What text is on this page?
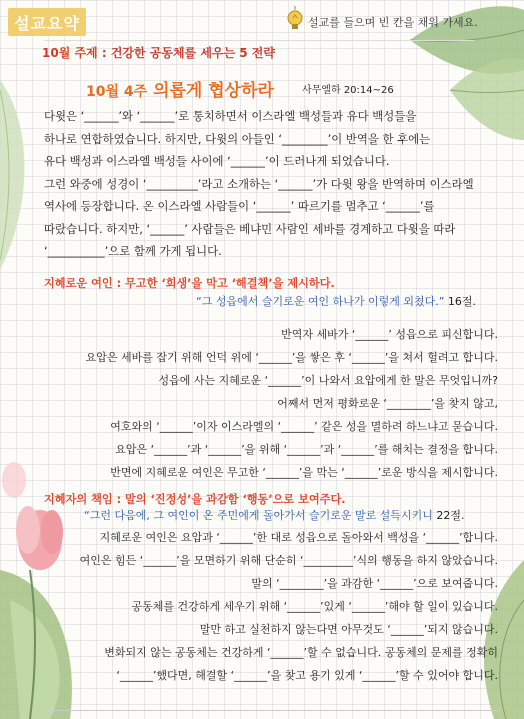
설교요약	설교를 들으며 빈 칸을 채워 가세요.
10월 주제 : 건강한 공동체를 세우는 5 전략
10월 4주 의롭게 협상하라	사무엘하 20:14~26

다윗은 ‘______’와 ‘______’로 통치하면서 이스라엘 백성들과 유다 백성들을

하나로 연합하였습니다. 하지만, 다윗의 아들인 ‘________’이 반역을 한 후에는

유다 백성과 이스라엘 백성들 사이에 ‘______’이 드러나게 되었습니다.

그런 와중에 성경이 ‘_________’라고 소개하는 ‘______’가 다윗 왕을 반역하며 이스라엘

역사에 등장합니다. 온 이스라엘 사람들이 ‘______’ 따르기를 멈추고 ‘______’를

따랐습니다. 하지만, ‘______’ 사람들은 베냐민 사람인 세바를 경계하고 다윗을 따라

‘__________’으로 함께 가게 됩니다.

지혜로운 여인 : 무고한 ‘희생’을 막고 ‘해결책’을 제시하다.
“그 성읍에서 슬기로운 여인 하나가 이렇게 외쳤다.” 16절.

반역자 세바가 ‘______’ 성읍으로 피신합니다.

요압은 세바를 잡기 위해 언덕 위에 ‘______’을 쌓은 후 ‘______’을 쳐서 헐려고 합니다.

성읍에 사는 지혜로운 ‘______’이 나와서 요압에게 한 말은 무엇입니까?

어째서 먼저 평화로운 ‘________’을 찾지 않고,

여호와의 ‘______’이자 이스라엘의 ‘______’ 같은 성을 멸하려 하느냐고 묻습니다.

요압은 ‘______’과 ‘______’을 위해 ‘______’과 ‘______’를 해치는 결정을 합니다.

반면에 지혜로운 여인은 무고한 ‘______’을 막는 ‘______’로운 방식을 제시합니다.

지혜자의 책임 : 말의 ‘진정성’을 과감함 ‘행동’으로 보여주다.
“그런 다음에, 그 여인이 온 주민에게 돌아가서 슬기로운 말로 설득시키니 22절.

지혜로운 여인은 요압과 ‘______’한 대로 성읍으로 돌아와서 백성을 ‘______’합니다.

여인은 힘든 ‘______’을 모면하기 위해 단순히 ‘_________’식의 행동을 하지 않았습니다.

말의 ‘________’을 과감한 ‘______’으로 보여줍니다.

공동체를 건강하게 세우기 위해 ‘______’있게 ‘______’해야 할 일이 있습니다.

말만 하고 실천하지 않는다면 아무것도 ‘______’되지 않습니다.

변화되지 않는 공동체는 건강하게 ‘______’할 수 없습니다. 공동체의 문제를 정확히

‘______’했다면, 해결할 ‘______’을 찾고 용기 있게 ‘______’할 수 있어야 합니다.
